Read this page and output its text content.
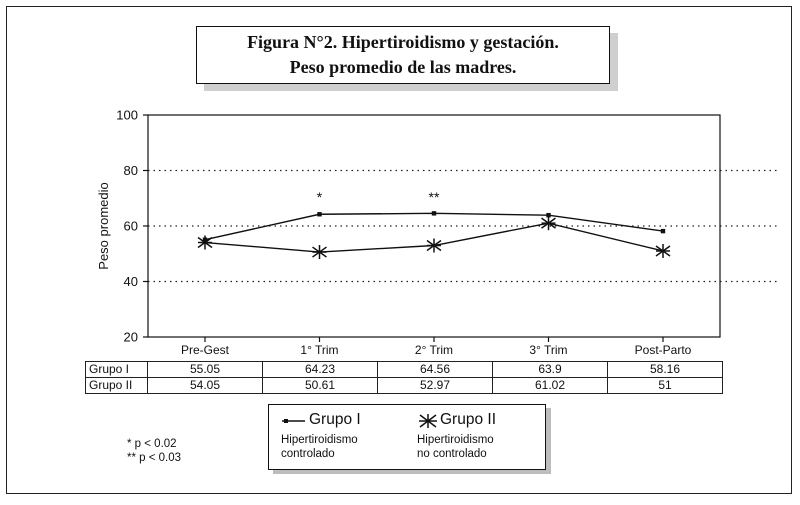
Figura N°2. Hipertiroidismo y gestación.
Peso promedio de las madres.
20
40
60
80
100
Pre-Gest	1° Trim	2° Trim	3° Trim	Post-Parto
Peso promedio	*	**
Grupo I	55.05	64.23	64.56	63.9	58.16
Grupo II	54.05	50.61	52.97	61.02	51
Grupo I
Hipertiroidismo
controlado
Grupo II
Hipertiroidismo
no controlado
* p < 0.02
** p < 0.03
